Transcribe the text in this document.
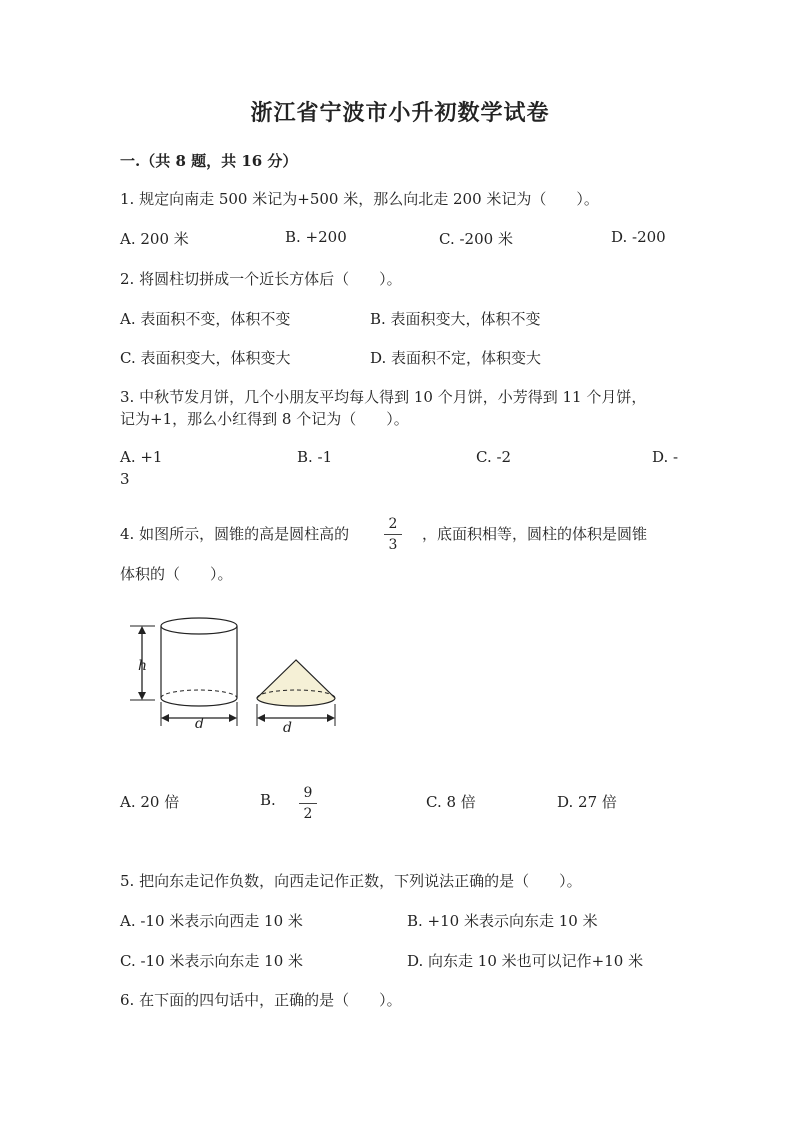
浙江省宁波市小升初数学试卷
一.（共 8 题，共 16 分）
1. 规定向南走 500 米记为+500 米，那么向北走 200 米记为（　　）。
A. 200 米	B. +200	C. -200 米	D. -200
2. 将圆柱切拼成一个近长方体后（　　）。
A. 表面积不变，体积不变	B. 表面积变大，体积不变
C. 表面积变大，体积变大	D. 表面积不定，体积变大
3. 中秋节发月饼，几个小朋友平均每人得到 10 个月饼，小芳得到 11 个月饼，
记为+1，那么小红得到 8 个记为（　　）。
A. +1	B. -1	C. -2	D. -
3
4. 如图所示，圆锥的高是圆柱高的
2
3
，底面积相等，圆柱的体积是圆锥
体积的（　　）。
h
d	d
A. 20 倍	B.	9
2
C. 8 倍	D. 27 倍
5. 把向东走记作负数，向西走记作正数，下列说法正确的是（　　）。
A. -10 米表示向西走 10 米	B. +10 米表示向东走 10 米
C. -10 米表示向东走 10 米	D. 向东走 10 米也可以记作+10 米
6. 在下面的四句话中，正确的是（　　）。
